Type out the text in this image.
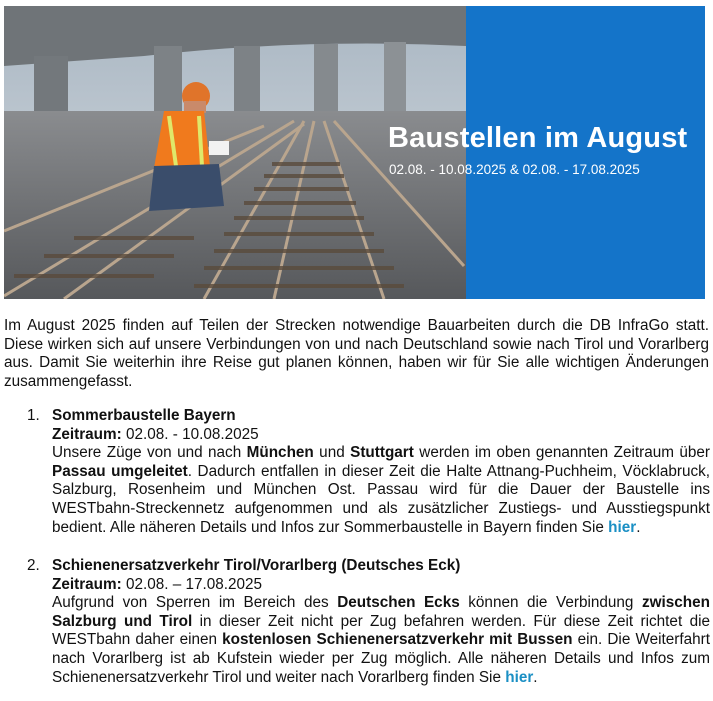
Baustellen im August
02.08. - 10.08.2025 & 02.08. - 17.08.2025
Im August 2025 finden auf Teilen der Strecken notwendige Bauarbeiten durch die DB InfraGo statt. Diese wirken sich auf unsere Verbindungen von und nach Deutschland sowie nach Tirol und Vorarlberg aus. Damit Sie weiterhin ihre Reise gut planen können, haben wir für Sie alle wichtigen Änderungen zusammengefasst.
1. Sommerbaustelle Bayern
Zeitraum: 02.08. - 10.08.2025
Unsere Züge von und nach München und Stuttgart werden im oben genannten Zeitraum über Passau umgeleitet. Dadurch entfallen in dieser Zeit die Halte Attnang-Puchheim, Vöcklabruck, Salzburg, Rosenheim und München Ost. Passau wird für die Dauer der Baustelle ins WESTbahn-Streckennetz aufgenommen und als zusätzlicher Zustiegs- und Ausstiegspunkt bedient. Alle näheren Details und Infos zur Sommerbaustelle in Bayern finden Sie hier.
2. Schienenersatzverkehr Tirol/Vorarlberg (Deutsches Eck)
Zeitraum: 02.08. – 17.08.2025
Aufgrund von Sperren im Bereich des Deutschen Ecks können die Verbindung zwischen Salzburg und Tirol in dieser Zeit nicht per Zug befahren werden. Für diese Zeit richtet die WESTbahn daher einen kostenlosen Schienenersatzverkehr mit Bussen ein. Die Weiterfahrt nach Vorarlberg ist ab Kufstein wieder per Zug möglich. Alle näheren Details und Infos zum Schienenersatzverkehr Tirol und weiter nach Vorarlberg finden Sie hier.
